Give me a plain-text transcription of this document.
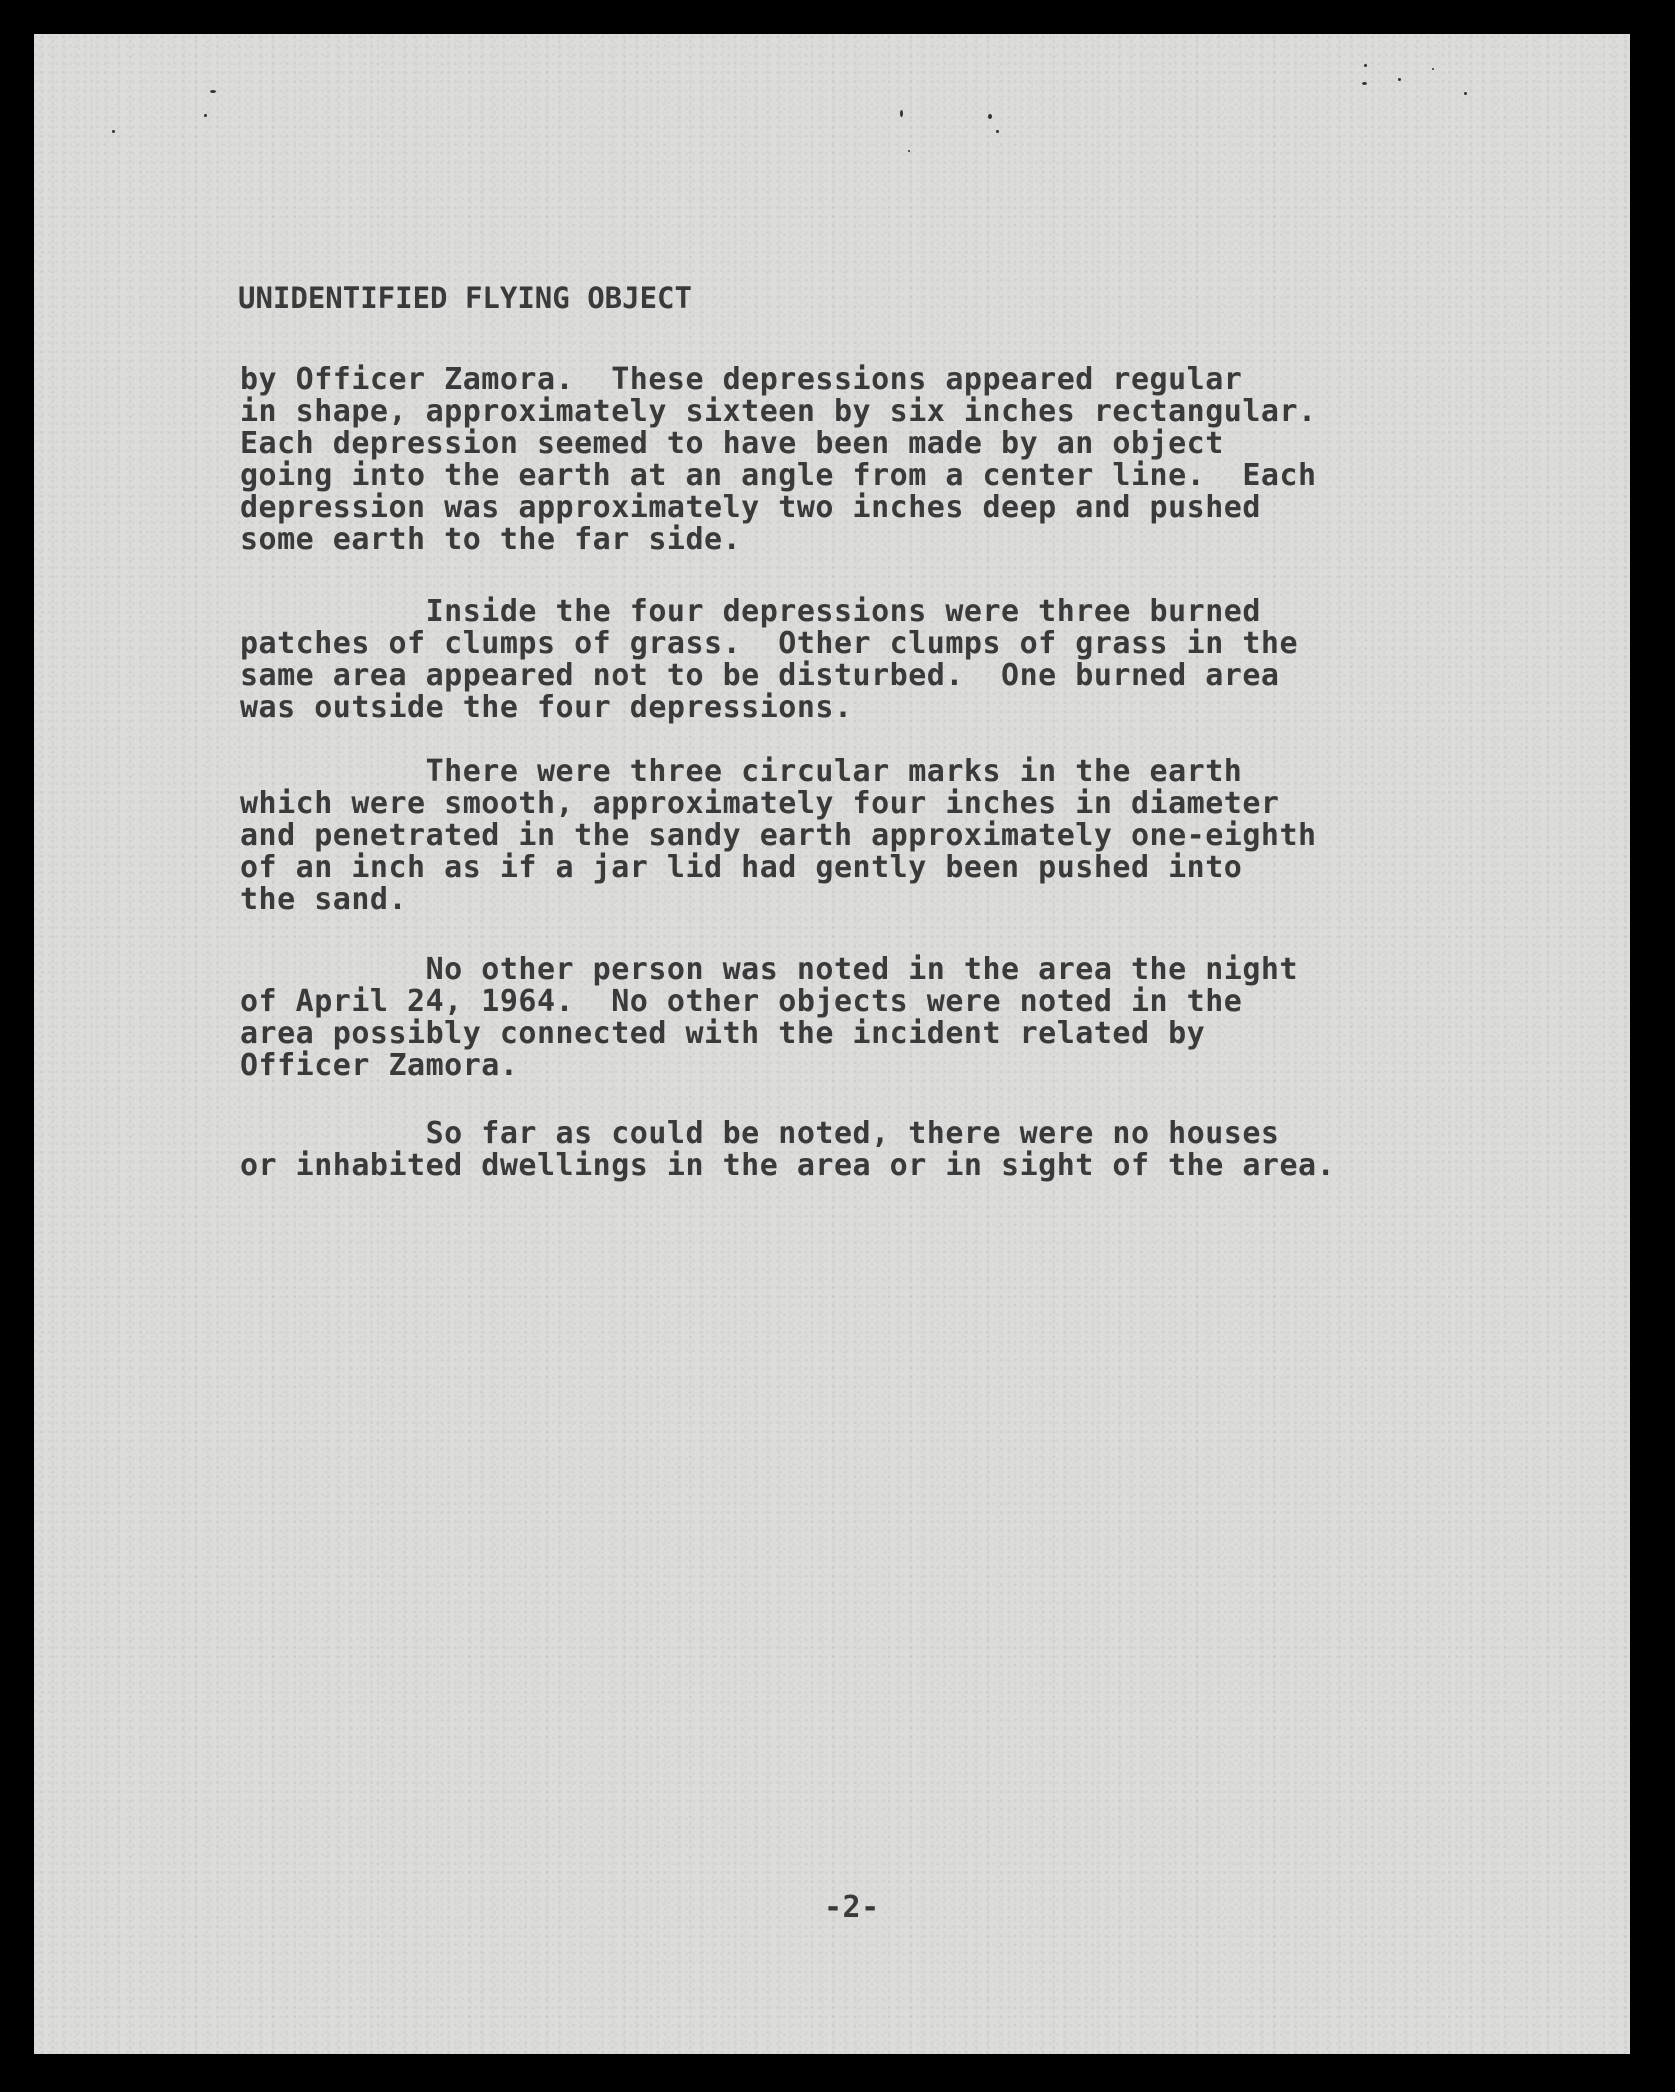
UNIDENTIFIED FLYING OBJECT

by Officer Zamora.  These depressions appeared regular
in shape, approximately sixteen by six inches rectangular.
Each depression seemed to have been made by an object
going into the earth at an angle from a center line.  Each
depression was approximately two inches deep and pushed
some earth to the far side.

Inside the four depressions were three burned
patches of clumps of grass.  Other clumps of grass in the
same area appeared not to be disturbed.  One burned area
was outside the four depressions.

There were three circular marks in the earth
which were smooth, approximately four inches in diameter
and penetrated in the sandy earth approximately one-eighth
of an inch as if a jar lid had gently been pushed into
the sand.

No other person was noted in the area the night
of April 24, 1964.  No other objects were noted in the
area possibly connected with the incident related by
Officer Zamora.

So far as could be noted, there were no houses
or inhabited dwellings in the area or in sight of the area.

-2-
